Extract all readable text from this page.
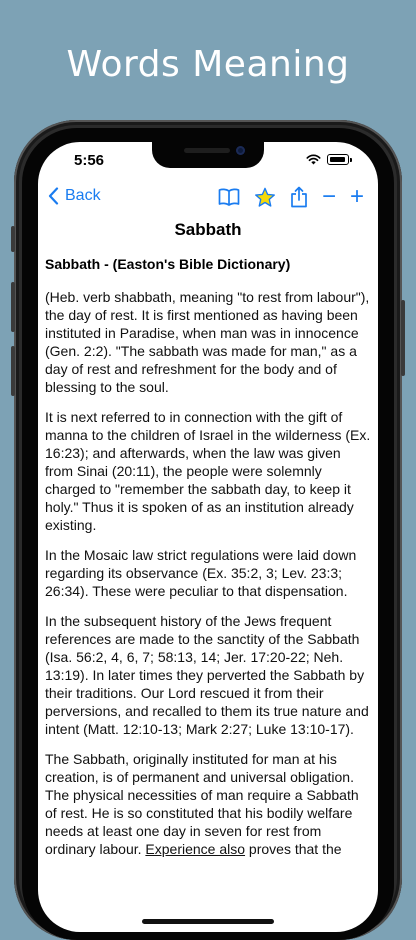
Words Meaning
5:56
Back	− +
Sabbath
Sabbath - (Easton's Bible Dictionary)

(Heb. verb shabbath, meaning "to rest from labour"), the day of rest. It is first mentioned as having been instituted in Paradise, when man was in innocence (Gen. 2:2). "The sabbath was made for man," as a day of rest and refreshment for the body and of blessing to the soul.

It is next referred to in connection with the gift of manna to the children of Israel in the wilderness (Ex. 16:23); and afterwards, when the law was given from Sinai (20:11), the people were solemnly charged to "remember the sabbath day, to keep it holy." Thus it is spoken of as an institution already existing.

In the Mosaic law strict regulations were laid down regarding its observance (Ex. 35:2, 3; Lev. 23:3; 26:34). These were peculiar to that dispensation.

In the subsequent history of the Jews frequent references are made to the sanctity of the Sabbath (Isa. 56:2, 4, 6, 7; 58:13, 14; Jer. 17:20-22; Neh. 13:19). In later times they perverted the Sabbath by their traditions. Our Lord rescued it from their perversions, and recalled to them its true nature and intent (Matt. 12:10-13; Mark 2:27; Luke 13:10-17).

The Sabbath, originally instituted for man at his creation, is of permanent and universal obligation. The physical necessities of man require a Sabbath of rest. He is so constituted that his bodily welfare needs at least one day in seven for rest from ordinary labour. Experience also proves that the
